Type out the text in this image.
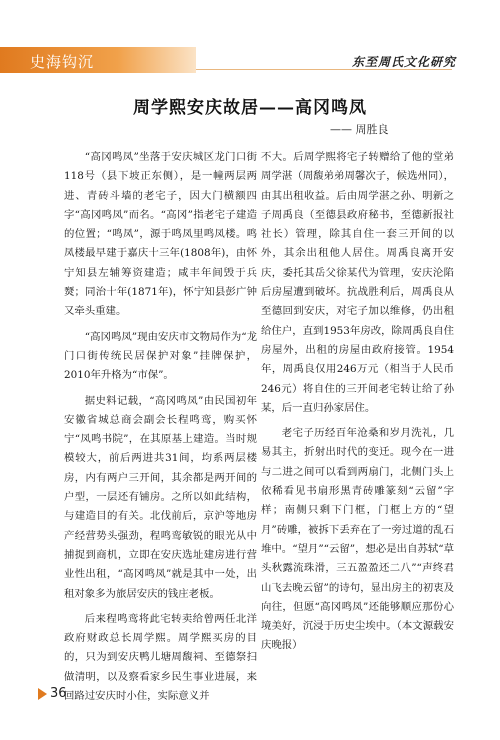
史海钩沉	东至周氏文化研究
周学熙安庆故居——高冈鸣凤
—— 周胜良

“高冈鸣凤”坐落于安庆城区龙门口街118号（县下坡正东侧），是一幢两层两进、青砖斗墙的老宅子，因大门横额四字“高冈鸣凤”而名。“高冈”指老宅子建造的位置；“鸣凤”，源于鸣凤里鸣凤楼。鸣凤楼最早建于嘉庆十三年(1808年)，由怀宁知县左辅筹资建造；咸丰年间毁于兵燹；同治十年(1871年)，怀宁知县彭广钟又牵头重建。

“高冈鸣凤”现由安庆市文物局作为“龙门口街传统民居保护对象”挂牌保护，2010年升格为“市保”。

据史料记载，“高冈鸣凤”由民国初年安徽省城总商会副会长程鸣鸾，购买怀宁“凤鸣书院”，在其原基上建造。当时规模较大，前后两进共31间，均系两层楼房，内有两户三开间，其余都是两开间的户型，一层还有铺房。之所以如此结构，与建造目的有关。北伐前后，京沪等地房产经营势头强劲，程鸣鸾敏锐的眼光从中捕捉到商机，立即在安庆选址建房进行营业性出租，“高冈鸣凤”就是其中一处，出租对象多为旅居安庆的钱庄老板。

后来程鸣鸾将此宅转卖给曾两任北洋政府财政总长周学熙。周学熙买房的目的，只为到安庆鸭儿塘周馥祠、至德祭扫做清明，以及察看家乡民生事业进展，来回路过安庆时小住，实际意义并

不大。后周学熙将宅子转赠给了他的堂弟周学湛（周馥弟弟周馨次子，候选州同），由其出租收益。后由周学湛之孙、明新之子周禹良（至德县政府秘书，至德新报社社长）管理，除其自住一套三开间的以外，其余出租他人居住。周禹良离开安庆，委托其岳父徐某代为管理，安庆沦陷后房屋遭到破坏。抗战胜利后，周禹良从至德回到安庆，对宅子加以维修，仍出租给住户，直到1953年房改，除周禹良自住房屋外，出租的房屋由政府接管。1954年，周禹良仅用246万元（相当于人民币246元）将自住的三开间老宅转让给了孙某，后一直归孙家居住。

老宅子历经百年沧桑和岁月洗礼，几易其主，折射出时代的变迁。现今在一进与二进之间可以看到两扇门，北侧门头上依稀看见书扇形黑青砖雕篆刻“云留”字样；南侧只剩下门框，门框上方的“望月”砖雕，被拆下丢弃在了一旁过道的乱石堆中。“望月”“云留”，想必是出自苏轼“草头秋露流珠滑，三五盈盈还二八”“声终君山飞去晚云留”的诗句，显出房主的初衷及向往，但愿“高冈鸣凤”还能够顺应那份心境美好，沉浸于历史尘埃中。（本文源载安庆晚报）

36
